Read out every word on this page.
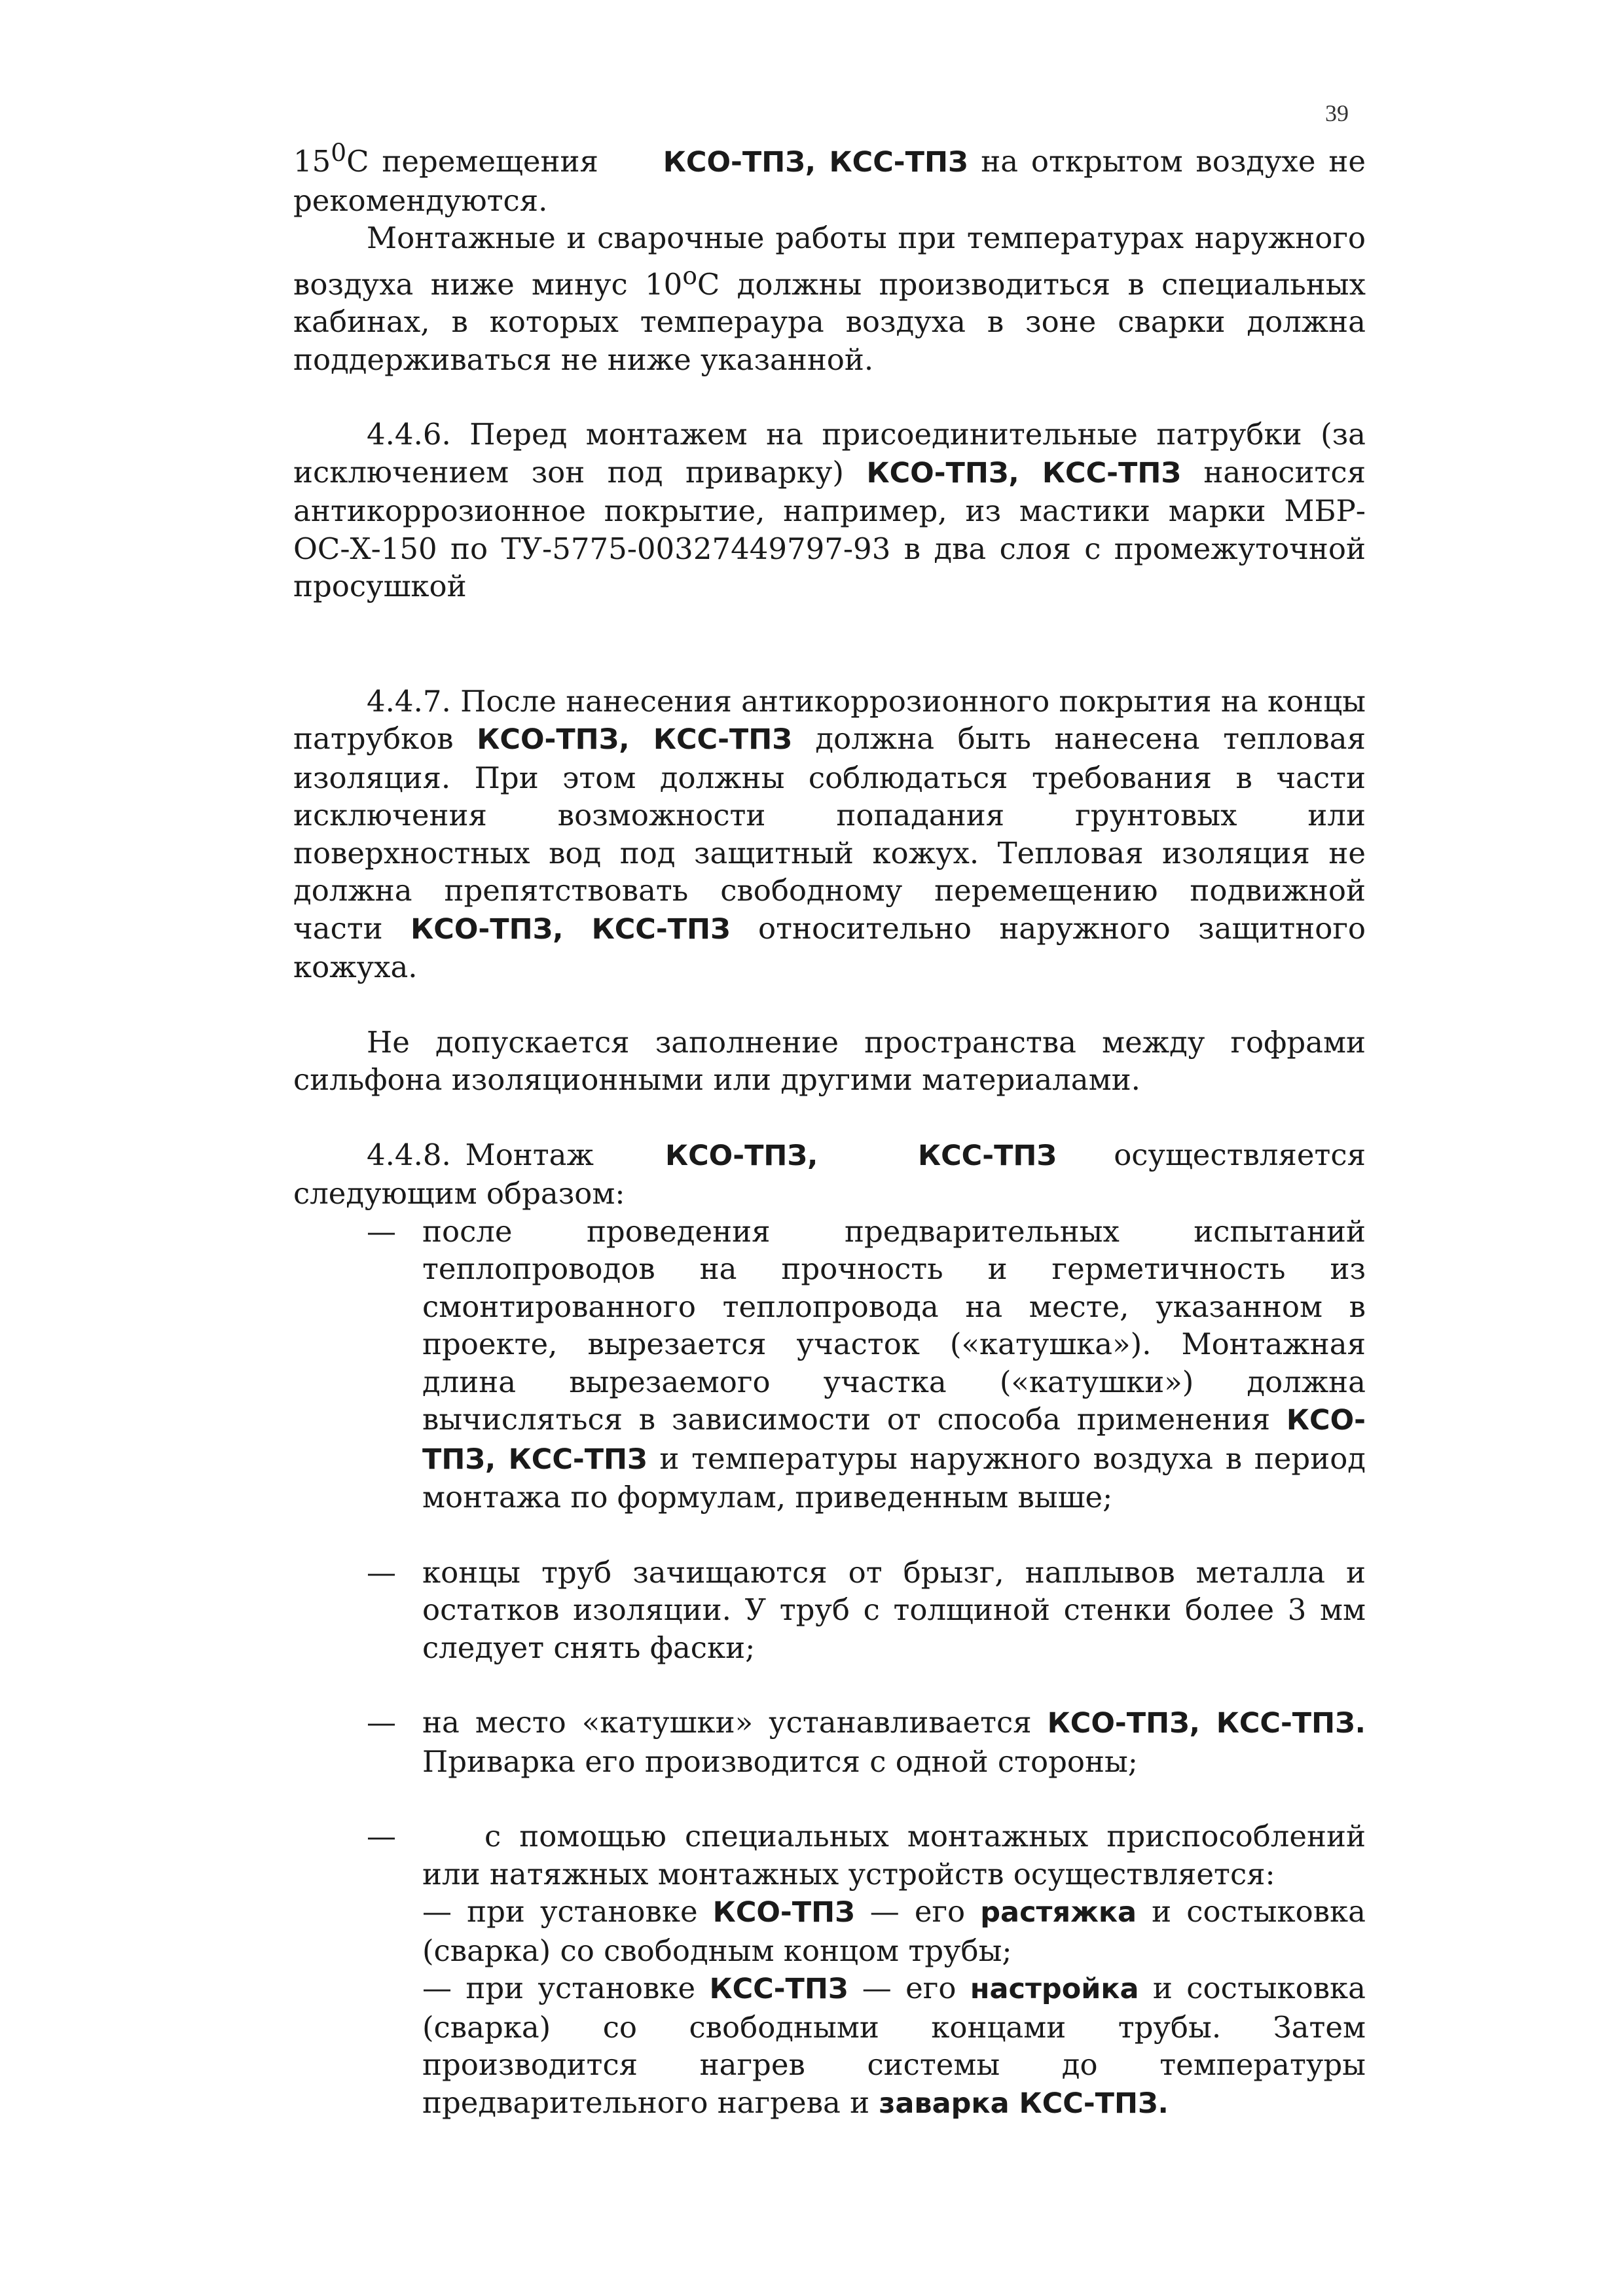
39

$15^0С$ перемещения КСО-ТПЗ, КСС-ТПЗ на открытом воздухе не рекомендуются.

Монтажные и сварочные работы при температурах наружного воздуха ниже минус $10^оС$ должны производиться в специальных кабинах, в которых темпераура воздуха в зоне сварки должна поддерживаться не ниже указанной.

4.4.6. Перед монтажем на присоединительные патрубки (за исключением зон под приварку) КСО-ТПЗ, КСС-ТПЗ наносится антикоррозионное покрытие, например, из мастики марки МБР-ОС-Х-150 по ТУ-5775-00327449797-93 в два слоя с промежуточной просушкой

4.4.7. После нанесения антикоррозионного покрытия на концы патрубков КСО-ТПЗ, КСС-ТПЗ должна быть нанесена тепловая изоляция. При этом должны соблюдаться требования в части исключения возможности попадания грунтовых или поверхностных вод под защитный кожух. Тепловая изоляция не должна препятствовать свободному перемещению подвижной части КСО-ТПЗ, КСС-ТПЗ относительно наружного защитного кожуха.

Не допускается заполнение пространства между гофрами сильфона изоляционными или другими материалами.

4.4.8. Монтаж     КСО-ТПЗ,	КСС-ТПЗ    осуществляется следующим образом:

— после проведения предварительных испытаний теплопроводов на прочность и герметичность из смонтированного теплопровода на месте, указанном в проекте, вырезается участок («катушка»). Монтажная длина вырезаемого участка («катушки») должна вычисляться в зависимости от способа применения КСО-ТПЗ, КСС-ТПЗ и температуры наружного воздуха в период монтажа по формулам, приведенным выше;
— концы труб зачищаются от брызг, наплывов металла и остатков изоляции. У труб с толщиной стенки более 3 мм следует снять фаски;
— на место «катушки» устанавливается КСО-ТПЗ, КСС-ТПЗ. Приварка его производится с одной стороны;
—	с помощью специальных монтажных приспособлений или натяжных монтажных устройств осуществляется:

— при установке КСО-ТПЗ — его растяжка и состыковка (сварка) со свободным концом трубы;

— при установке КСС-ТПЗ — его настройка и состыковка (сварка) со свободными концами трубы. Затем производится нагрев системы до температуры предварительного нагрева и заварка КСС-ТПЗ.
